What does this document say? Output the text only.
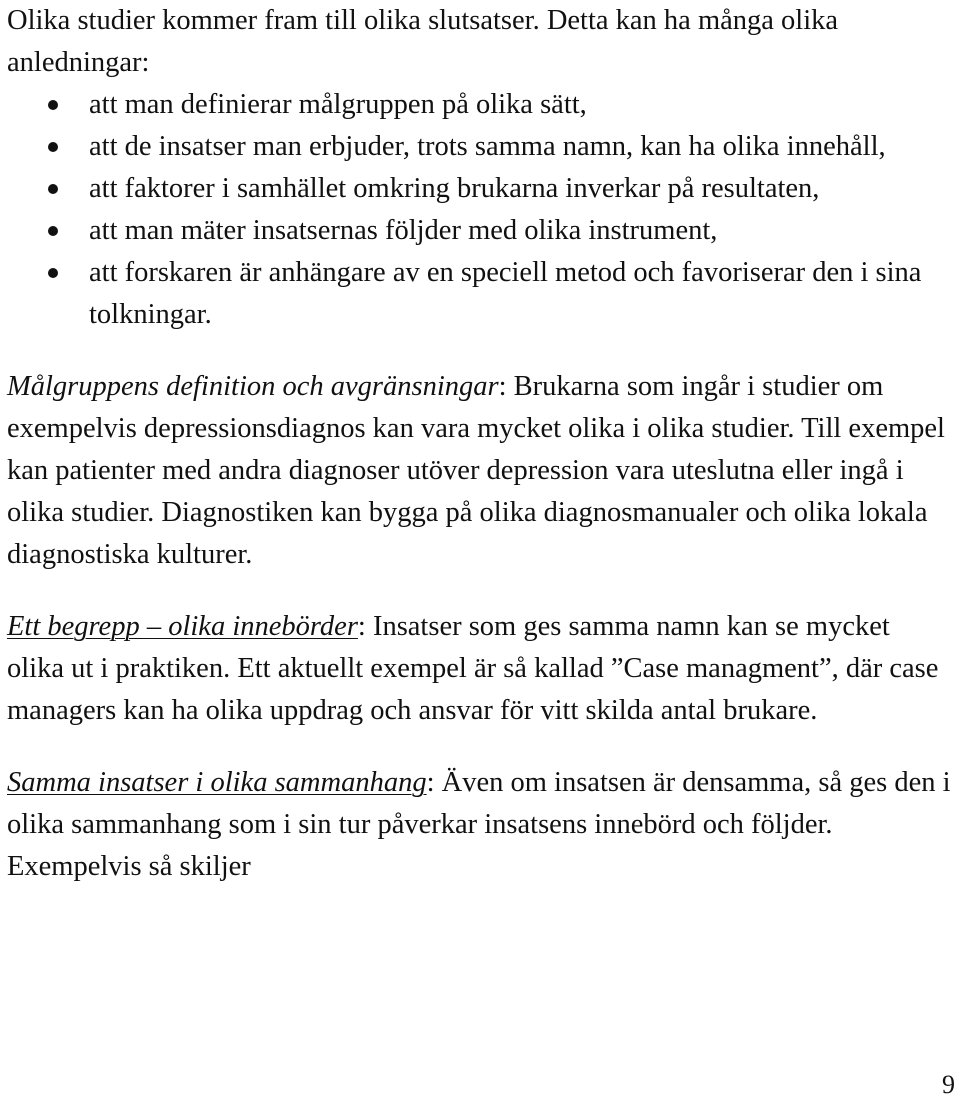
Olika studier kommer fram till olika slutsatser. Detta kan ha många olika anledningar:

att man definierar målgruppen på olika sätt,
att de insatser man erbjuder, trots samma namn, kan ha olika innehåll,
att faktorer i samhället omkring brukarna inverkar på resultaten,
att man mäter insatsernas följder med olika instrument,
att forskaren är anhängare av en speciell metod och favoriserar den i sina tolkningar.

Målgruppens definition och avgränsningar: Brukarna som ingår i studier om exempelvis depressionsdiagnos kan vara mycket olika i olika studier. Till exempel kan patienter med andra diagnoser utöver depression vara uteslutna eller ingå i olika studier. Diagnostiken kan bygga på olika diagnosmanualer och olika lokala diagnostiska kulturer.

Ett begrepp – olika innebörder: Insatser som ges samma namn kan se mycket olika ut i praktiken. Ett aktuellt exempel är så kallad ”Case managment”, där case managers kan ha olika uppdrag och ansvar för vitt skilda antal brukare.

Samma insatser i olika sammanhang: Även om insatsen är densamma, så ges den i olika sammanhang som i sin tur påverkar insatsens innebörd och följder. Exempelvis så skiljer

9
